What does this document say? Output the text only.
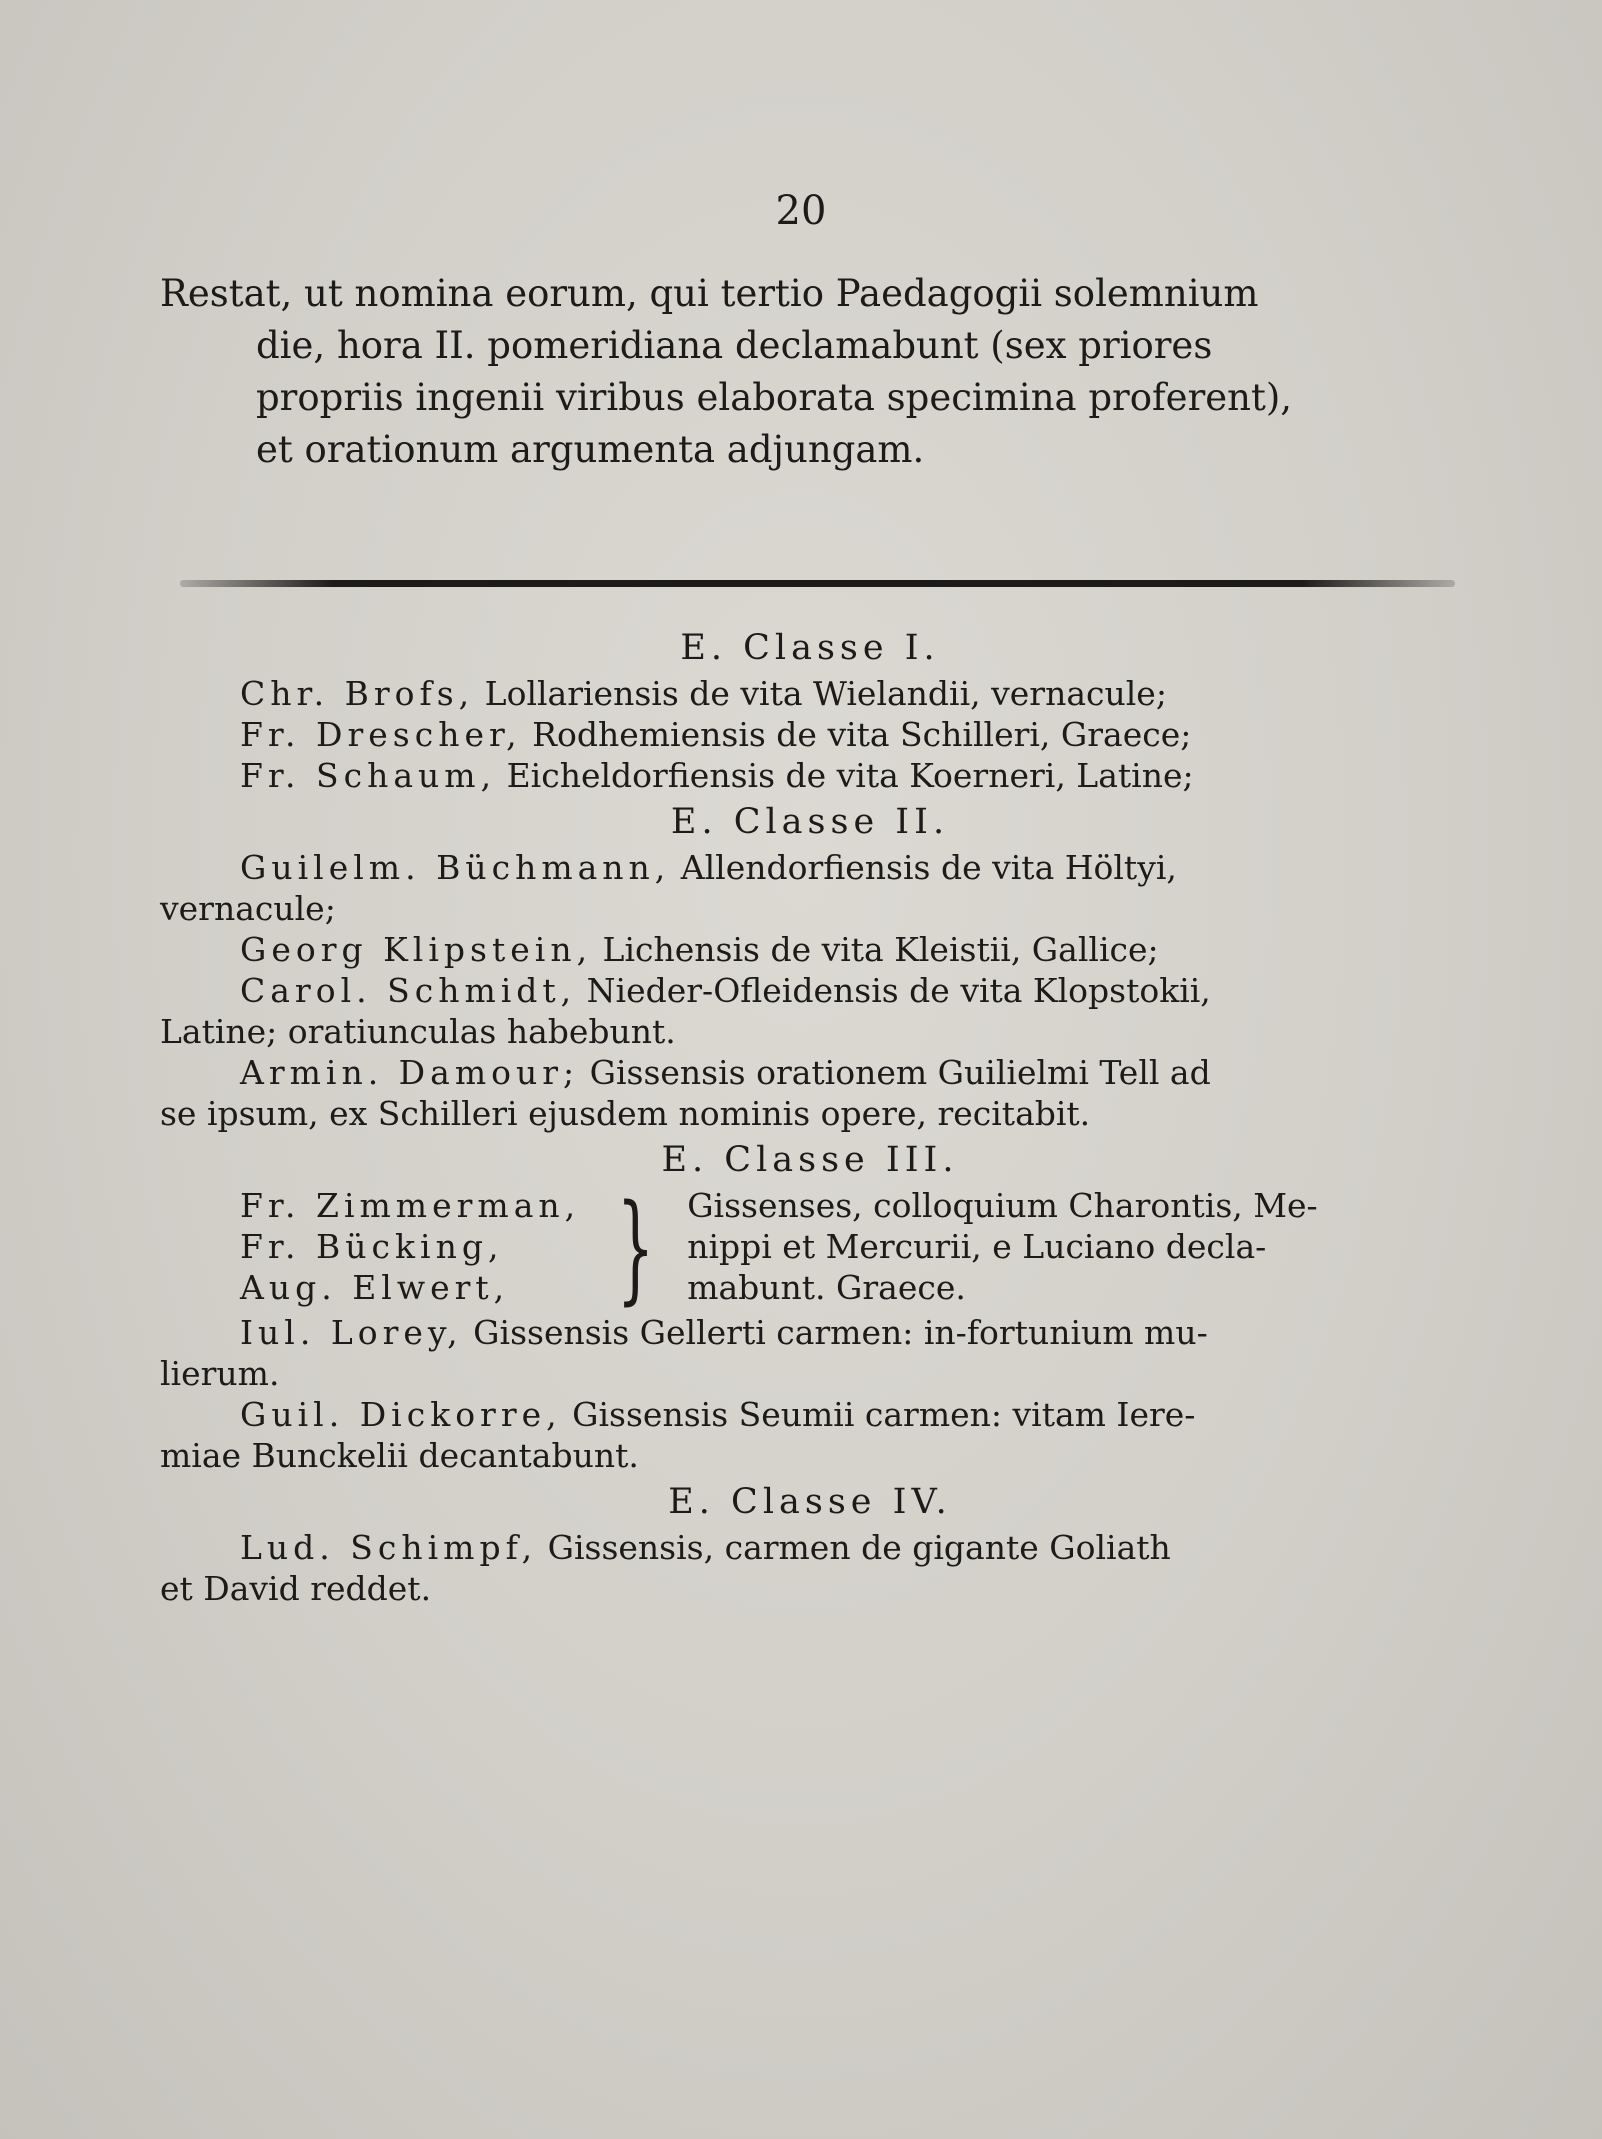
20
Restat, ut nomina eorum, qui tertio Paedagogii solemnium
die, hora II. pomeridiana declamabunt (sex priores
propriis ingenii viribus elaborata specimina proferent),
et orationum argumenta adjungam.
E. Classe I.
Chr. Brofs, Lollariensis de vita Wielandii, vernacule;
Fr. Drescher, Rodhemiensis de vita Schilleri, Graece;
Fr. Schaum, Eicheldorfiensis de vita Koerneri, Latine;
E. Classe II.
Guilelm. Büchmann, Allendorfiensis de vita Höltyi,
vernacule;
Georg Klipstein, Lichensis de vita Kleistii, Gallice;
Carol. Schmidt, Nieder-Ofleidensis de vita Klopstokii,
Latine; oratiunculas habebunt.
Armin. Damour; Gissensis orationem Guilielmi Tell ad
se ipsum, ex Schilleri ejusdem nominis opere, recitabit.
E. Classe III.
Fr. Zimmerman,
Fr. Bücking,
Aug. Elwert, } Gissenses, colloquium Charontis, Me-
nippi et Mercurii, e Luciano decla-
mabunt. Graece.
Iul. Lorey, Gissensis Gellerti carmen: in-fortunium mu-
lierum.
Guil. Dickorre, Gissensis Seumii carmen: vitam Iere-
miae Bunckelii decantabunt.
E. Classe IV.
Lud. Schimpf, Gissensis, carmen de gigante Goliath
et David reddet.
